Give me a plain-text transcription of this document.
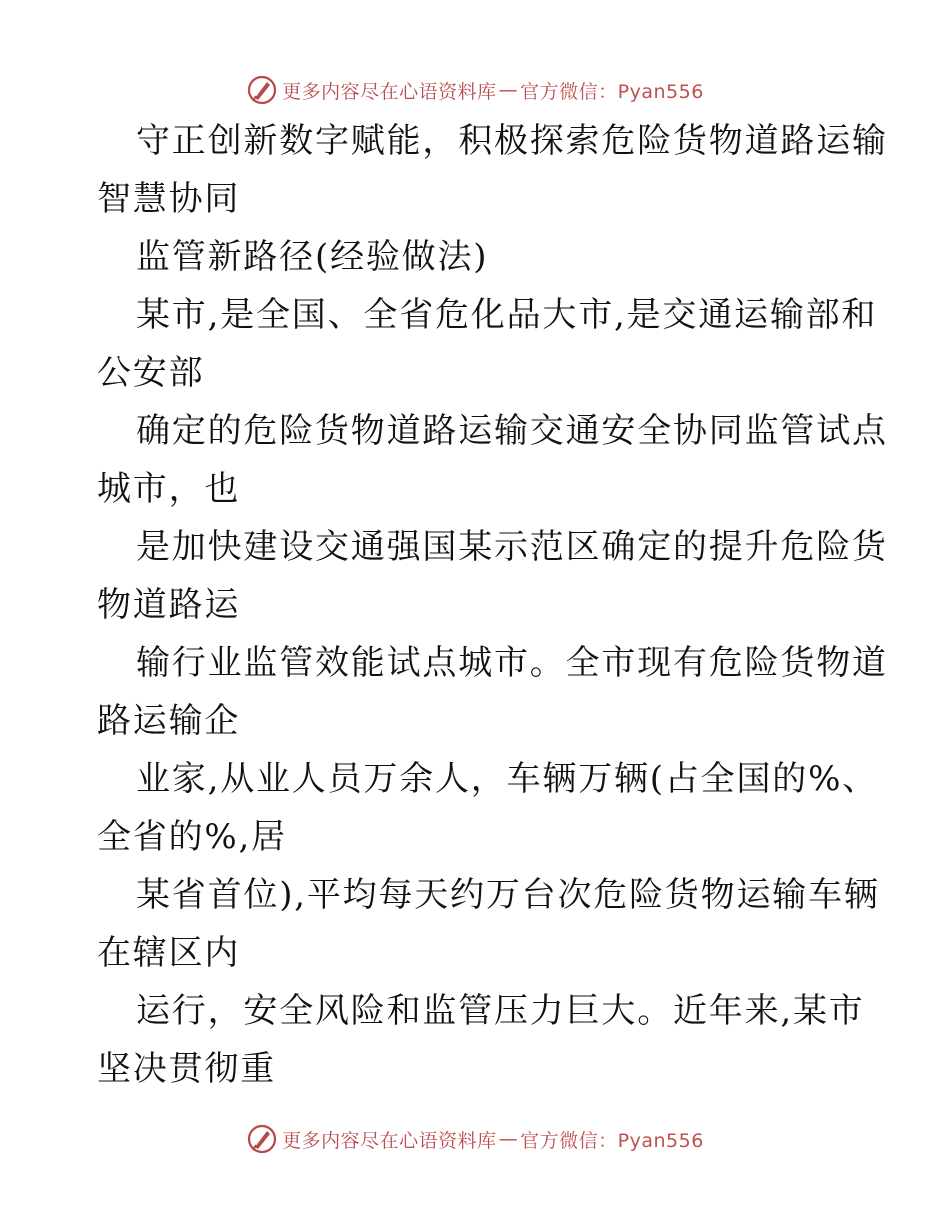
更多内容尽在心语资料库 — 官方微信：Pyan556

守正创新数字赋能，积极探索危险货物道路运输
智慧协同

监管新路径(经验做法)

某市,是全国、全省危化品大市,是交通运输部和
公安部

确定的危险货物道路运输交通安全协同监管试点
城市，也

是加快建设交通强国某示范区确定的提升危险货
物道路运

输行业监管效能试点城市。全市现有危险货物道
路运输企

业家,从业人员万余人，车辆万辆(占全国的%、
全省的%,居

某省首位),平均每天约万台次危险货物运输车辆
在辖区内

运行，安全风险和监管压力巨大。近年来,某市
坚决贯彻重

更多内容尽在心语资料库 — 官方微信：Pyan556
